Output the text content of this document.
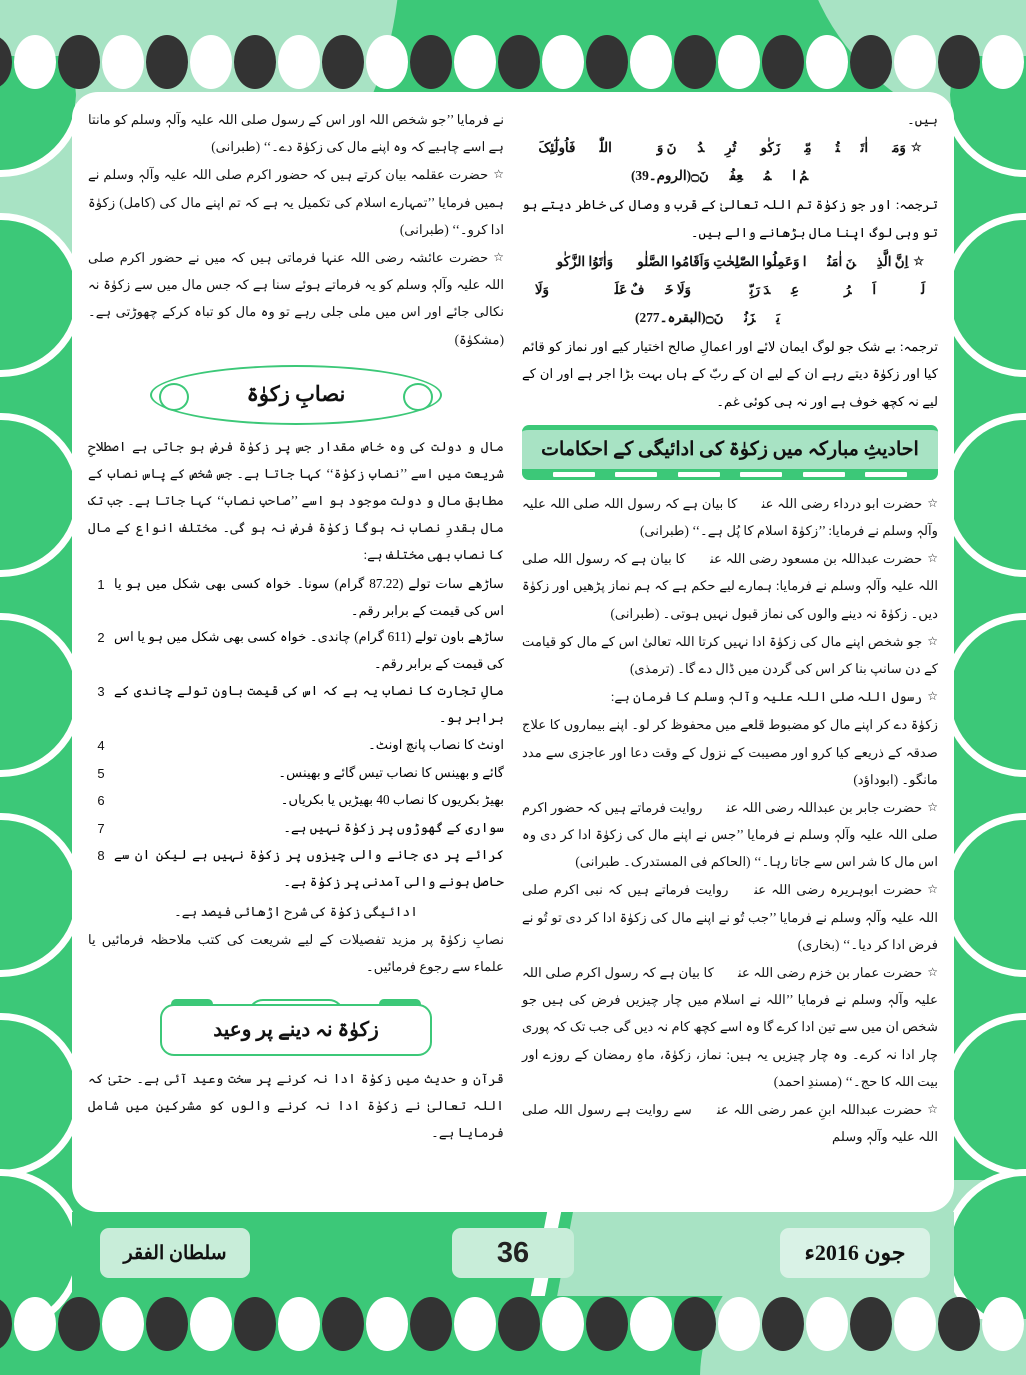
ہیں۔

☆وَمَاۤ اٰتَیۡتُمۡ مِّنۡ زَکٰوۃٍ تُرِیۡدُوۡنَ وَجۡہَ اللّٰہِ فَاُولٰٓئِکَ ہُمُ الۡمُضۡعِفُوۡنَ۝(الروم۔39)

ترجمہ: اور جو زکوٰۃ تم اللہ تعالیٰ کے قرب و وصال کی خاطر دیتے ہو تو وہی لوگ اپنا مال بڑھانے والے ہیں۔

☆اِنَّ الَّذِیۡنَ اٰمَنُوۡا وَعَمِلُوا الصّٰلِحٰتِ وَاَقَامُوا الصَّلٰوۃَ وَاٰتَوُا الزَّکٰوۃَ لَہُمۡ اَجۡرُہُمۡ عِنۡدَ رَبِّہِمۡ ۚ وَلَا خَوۡفٌ عَلَیۡہِمۡ وَلَا ہُمۡ یَحۡزَنُوۡنَ۝(البقرہ۔277)

ترجمہ: بے شک جو لوگ ایمان لائے اور اعمالِ صالح اختیار کیے اور نماز کو قائم کیا اور زکوٰۃ دیتے رہے ان کے لیے ان کے ربّ کے ہاں بہت بڑا اجر ہے اور ان کے لیے نہ کچھ خوف ہے اور نہ ہی کوئی غم۔

احادیثِ مبارکہ میں زکوٰۃ کی ادائیگی کے احکامات

☆حضرت ابو درداء رضی اللہ عنہٗ کا بیان ہے کہ رسول اللہ صلی اللہ علیہ وآلہٖ وسلم نے فرمایا: ’’زکوٰۃ اسلام کا پُل ہے۔‘‘ (طبرانی)

☆حضرت عبداللہ بن مسعود رضی اللہ عنہٗ کا بیان ہے کہ رسول اللہ صلی اللہ علیہ وآلہٖ وسلم نے فرمایا: ہمارے لیے حکم ہے کہ ہم نماز پڑھیں اور زکوٰۃ دیں۔ زکوٰۃ نہ دینے والوں کی نماز قبول نہیں ہوتی۔ (طبرانی)

☆جو شخص اپنے مال کی زکوٰۃ ادا نہیں کرتا اللہ تعالیٰ اس کے مال کو قیامت کے دن سانپ بنا کر اس کی گردن میں ڈال دے گا۔ (ترمذی)

☆رسول اللہ صلی اللہ علیہ وآلہٖ وسلم کا فرمان ہے:

زکوٰۃ دے کر اپنے مال کو مضبوط قلعے میں محفوظ کر لو۔ اپنے بیماروں کا علاج صدقہ کے ذریعے کیا کرو اور مصیبت کے نزول کے وقت دعا اور عاجزی سے مدد مانگو۔ (ابوداؤد)

☆حضرت جابر بن عبداللہ رضی اللہ عنہٗ روایت فرماتے ہیں کہ حضور اکرم صلی اللہ علیہ وآلہٖ وسلم نے فرمایا ’’جس نے اپنے مال کی زکوٰۃ ادا کر دی وہ اس مال کا شر اس سے جاتا رہا۔‘‘ (الحاکم فی المستدرک۔ طبرانی)

☆حضرت ابوہریرہ رضی اللہ عنہٗ روایت فرماتے ہیں کہ نبی اکرم صلی اللہ علیہ وآلہٖ وسلم نے فرمایا ’’جب تُو نے اپنے مال کی زکوٰۃ ادا کر دی تو تُو نے فرض ادا کر دیا۔‘‘ (بخاری)

☆حضرت عمار بن خزم رضی اللہ عنہٗ کا بیان ہے کہ رسول اکرم صلی اللہ علیہ وآلہٖ وسلم نے فرمایا ’’اللہ نے اسلام میں چار چیزیں فرض کی ہیں جو شخص ان میں سے تین ادا کرے گا وہ اسے کچھ کام نہ دیں گی جب تک کہ پوری چار ادا نہ کرے۔ وہ چار چیزیں یہ ہیں: نماز، زکوٰۃ، ماہِ رمضان کے روزے اور بیت اللہ کا حج۔‘‘ (مسندِ احمد)

☆حضرت عبداللہ ابنِ عمر رضی اللہ عنہٗ سے روایت ہے رسول اللہ صلی اللہ علیہ وآلہٖ وسلم

نے فرمایا ’’جو شخص اللہ اور اس کے رسول صلی اللہ علیہ وآلہٖ وسلم کو مانتا ہے اسے چاہیے کہ وہ اپنے مال کی زکوٰۃ دے۔‘‘ (طبرانی)

☆حضرت عقلمہ بیان کرتے ہیں کہ حضور اکرم صلی اللہ علیہ وآلہٖ وسلم نے ہمیں فرمایا ’’تمہارے اسلام کی تکمیل یہ ہے کہ تم اپنے مال کی (کامل) زکوٰۃ ادا کرو۔‘‘ (طبرانی)

☆حضرت عائشہ رضی اللہ عنہا فرماتی ہیں کہ میں نے حضور اکرم صلی اللہ علیہ وآلہٖ وسلم کو یہ فرماتے ہوئے سنا ہے کہ جس مال میں سے زکوٰۃ نہ نکالی جائے اور اس میں ملی جلی رہے تو وہ مال کو تباہ کرکے چھوڑتی ہے۔ (مشکوٰۃ)

نصابِ زکوٰۃ

مال و دولت کی وہ خاص مقدار جس پر زکوٰۃ فرض ہو جاتی ہے اصطلاحِ شریعت میں اسے ’’نصابِ زکوٰۃ‘‘ کہا جاتا ہے۔ جس شخص کے پاس نصاب کے مطابق مال و دولت موجود ہو اسے ’’صاحبِ نصاب‘‘ کہا جاتا ہے۔ جب تک مال بقدرِ نصاب نہ ہوگا زکوٰۃ فرض نہ ہو گی۔ مختلف انواع کے مال کا نصاب بھی مختلف ہے:

ساڑھے سات تولے (87.22 گرام) سونا۔ خواہ کسی بھی شکل میں ہو یا اس کی قیمت کے برابر رقم۔
1
ساڑھے باون تولے (611 گرام) چاندی۔ خواہ کسی بھی شکل میں ہو یا اس کی قیمت کے برابر رقم۔
2
مالِ تجارت کا نصاب یہ ہے کہ اس کی قیمت باون تولے چاندی کے برابر ہو۔
3
اونٹ کا نصاب پانچ اونٹ۔
4
گائے و بھینس کا نصاب تیس گائے و بھینس۔
5
بھیڑ بکریوں کا نصاب 40 بھیڑیں یا بکریاں۔
6
سواری کے گھوڑوں پر زکوٰۃ نہیں ہے۔
7
کرائے پر دی جانے والی چیزوں پر زکوٰۃ نہیں ہے لیکن ان سے حاصل ہونے والی آمدنی پر زکوٰۃ ہے۔
8

ادائیگی زکوٰۃ کی شرح اڑھائی فیصد ہے۔

نصابِ زکوٰۃ پر مزید تفصیلات کے لیے شریعت کی کتب ملاحظہ فرمائیں یا علماء سے رجوع فرمائیں۔

زکوٰۃ نہ دینے پر وعید

قرآن و حدیث میں زکوٰۃ ادا نہ کرنے پر سخت وعید آئی ہے۔ حتیٰ کہ اللہ تعالیٰ نے زکوٰۃ ادا نہ کرنے والوں کو مشرکین میں شامل فرمایا ہے۔

جون 2016ء
36
سلطان الفقر
